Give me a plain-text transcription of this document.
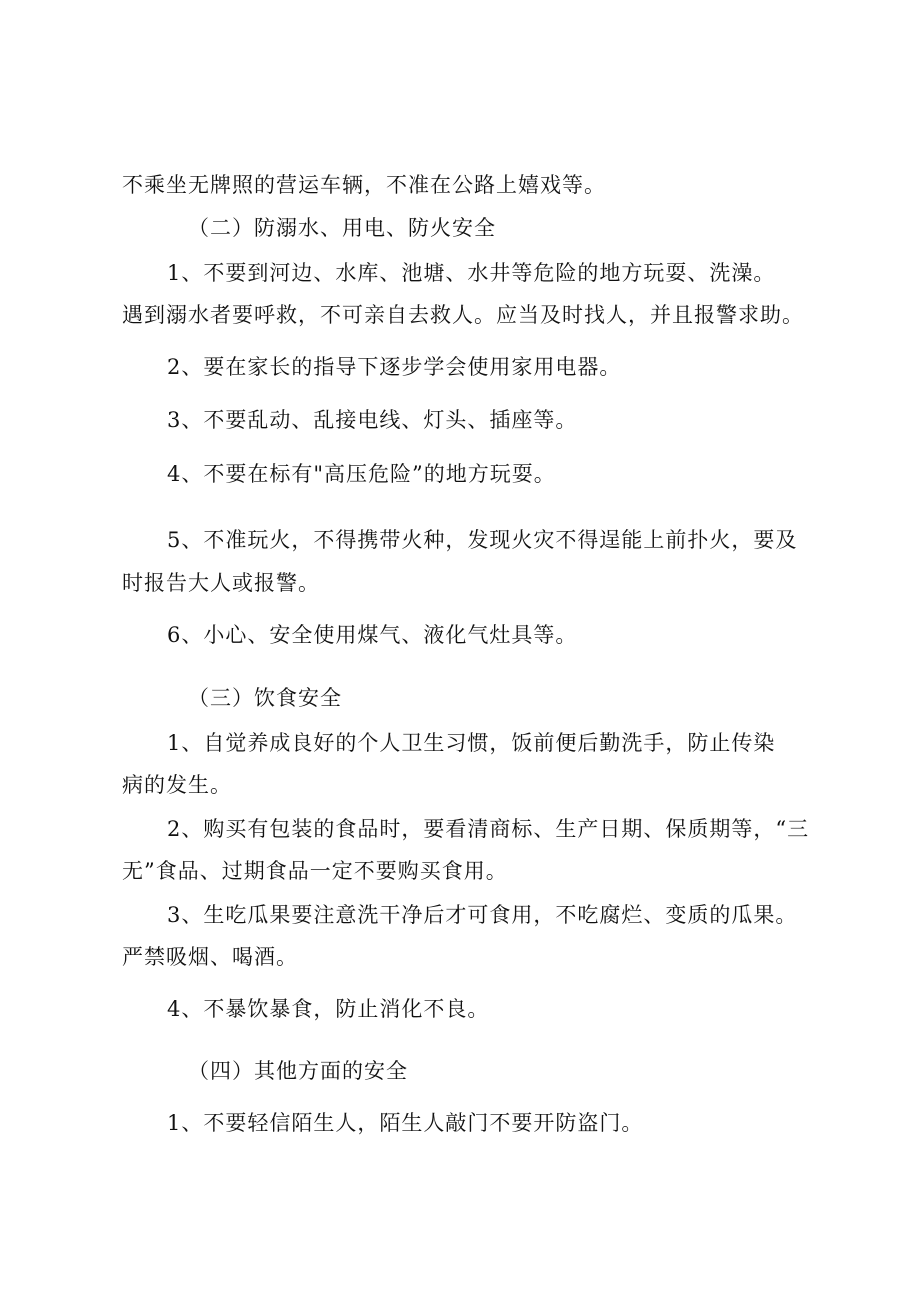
不乘坐无牌照的营运车辆，不准在公路上嬉戏等。
（二）防溺水、用电、防火安全
1、不要到河边、水库、池塘、水井等危险的地方玩耍、洗澡。
遇到溺水者要呼救，不可亲自去救人。应当及时找人，并且报警求助。
2、要在家长的指导下逐步学会使用家用电器。
3、不要乱动、乱接电线、灯头、插座等。
4、不要在标有"高压危险”的地方玩耍。
5、不准玩火，不得携带火种，发现火灾不得逞能上前扑火，要及
时报告大人或报警。
6、小心、安全使用煤气、液化气灶具等。
（三）饮食安全
1、自觉养成良好的个人卫生习惯，饭前便后勤洗手，防止传染
病的发生。
2、购买有包装的食品时，要看清商标、生产日期、保质期等，“三
无”食品、过期食品一定不要购买食用。
3、生吃瓜果要注意洗干净后才可食用，不吃腐烂、变质的瓜果。
严禁吸烟、喝酒。
4、不暴饮暴食，防止消化不良。
（四）其他方面的安全
1、不要轻信陌生人，陌生人敲门不要开防盗门。
